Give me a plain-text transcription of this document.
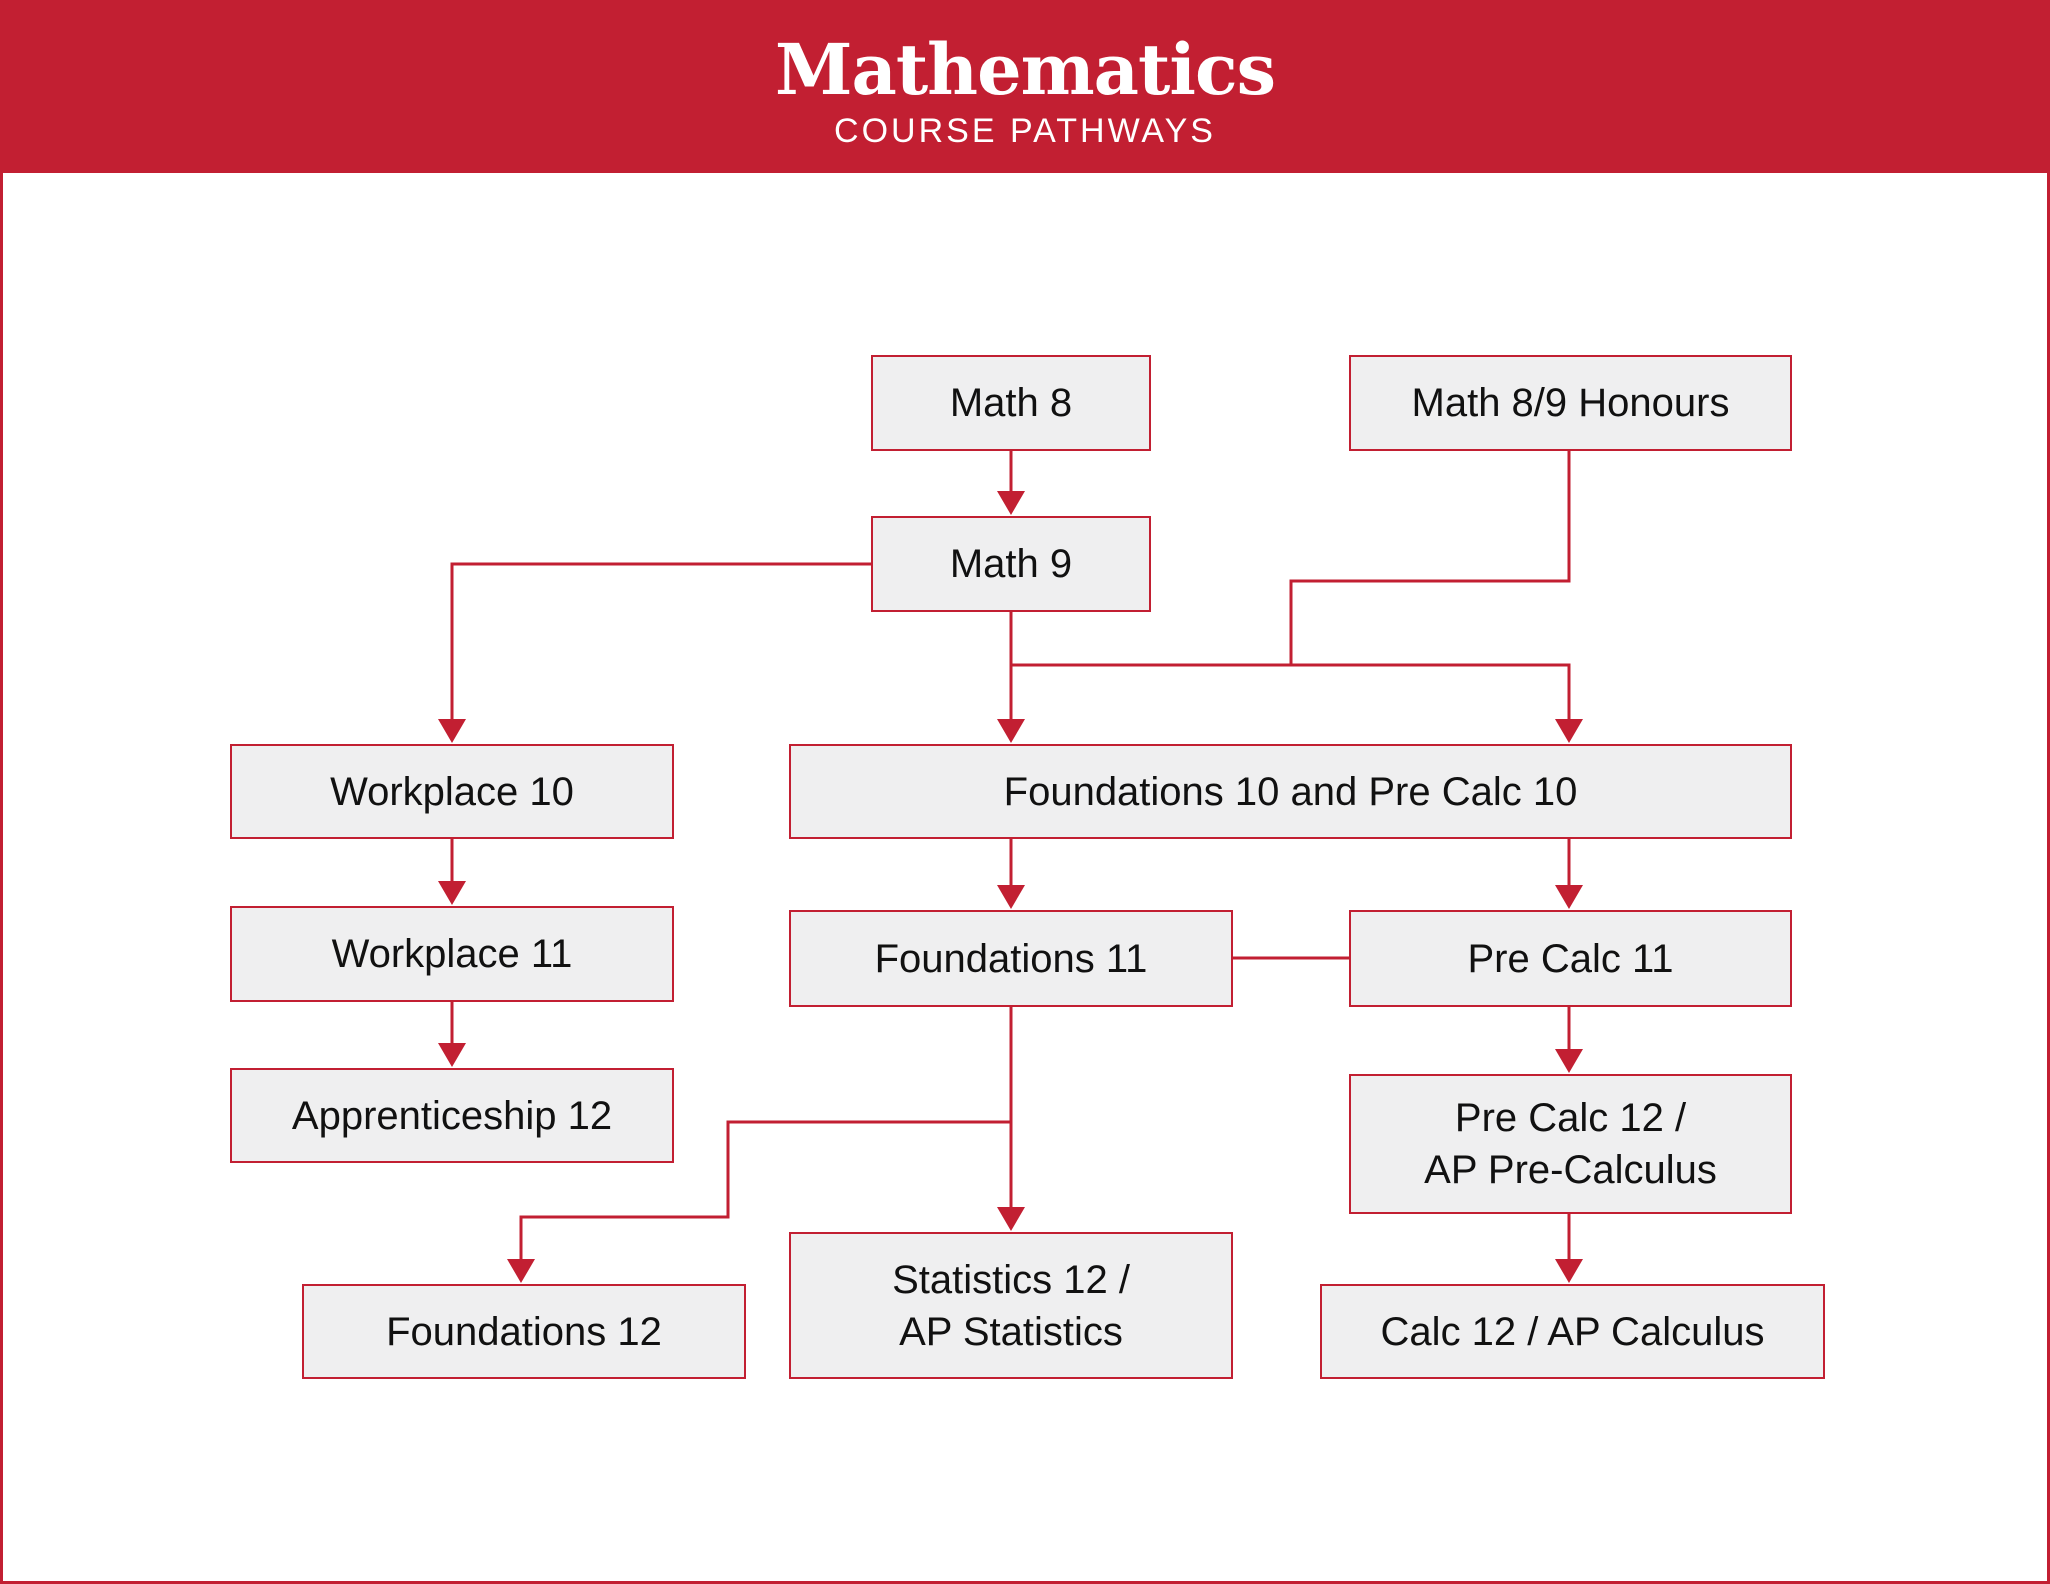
Mathematics
COURSE PATHWAYS
Math 8	Math 8/9 Honours
Math 9
Workplace 10	Foundations 10 and Pre Calc 10
Workplace 11	Foundations 11	Pre Calc 11
Apprenticeship 12	Pre Calc 12 /
AP Pre-Calculus
Foundations 12
Statistics 12 /
AP Statistics	Calc 12 / AP Calculus
